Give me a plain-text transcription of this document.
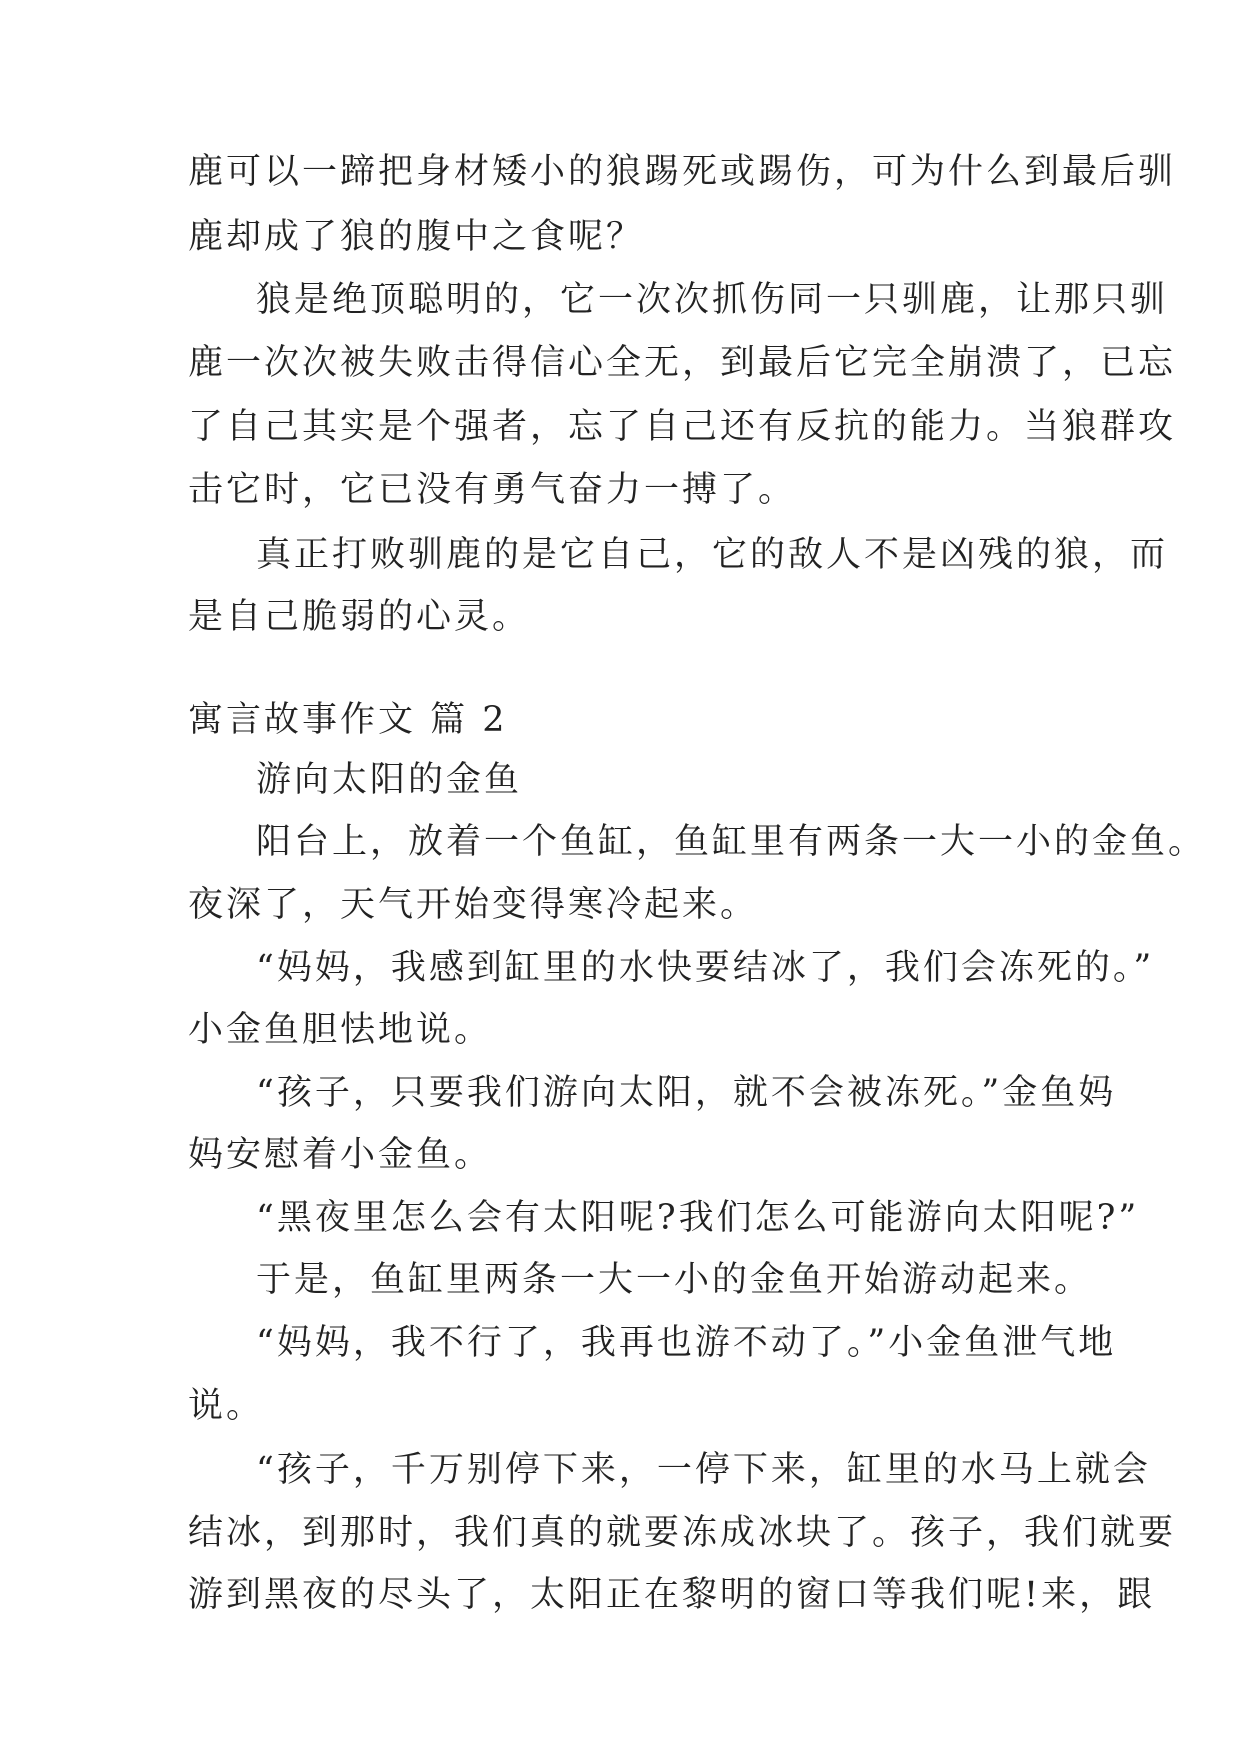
鹿可以一蹄把身材矮小的狼踢死或踢伤，可为什么到最后驯
鹿却成了狼的腹中之食呢？
狼是绝顶聪明的，它一次次抓伤同一只驯鹿，让那只驯
鹿一次次被失败击得信心全无，到最后它完全崩溃了，已忘
了自己其实是个强者，忘了自己还有反抗的能力。当狼群攻
击它时，它已没有勇气奋力一搏了。
真正打败驯鹿的是它自己，它的敌人不是凶残的狼，而
是自己脆弱的心灵。
寓言故事作文 篇 2
游向太阳的金鱼
阳台上，放着一个鱼缸，鱼缸里有两条一大一小的金鱼。
夜深了，天气开始变得寒冷起来。
“妈妈，我感到缸里的水快要结冰了，我们会冻死的。”
小金鱼胆怯地说。
“孩子，只要我们游向太阳，就不会被冻死。”金鱼妈
妈安慰着小金鱼。
“黑夜里怎么会有太阳呢?我们怎么可能游向太阳呢?”
于是，鱼缸里两条一大一小的金鱼开始游动起来。
“妈妈，我不行了，我再也游不动了。”小金鱼泄气地
说。
“孩子，千万别停下来，一停下来，缸里的水马上就会
结冰，到那时，我们真的就要冻成冰块了。孩子，我们就要
游到黑夜的尽头了，太阳正在黎明的窗口等我们呢!来，跟
